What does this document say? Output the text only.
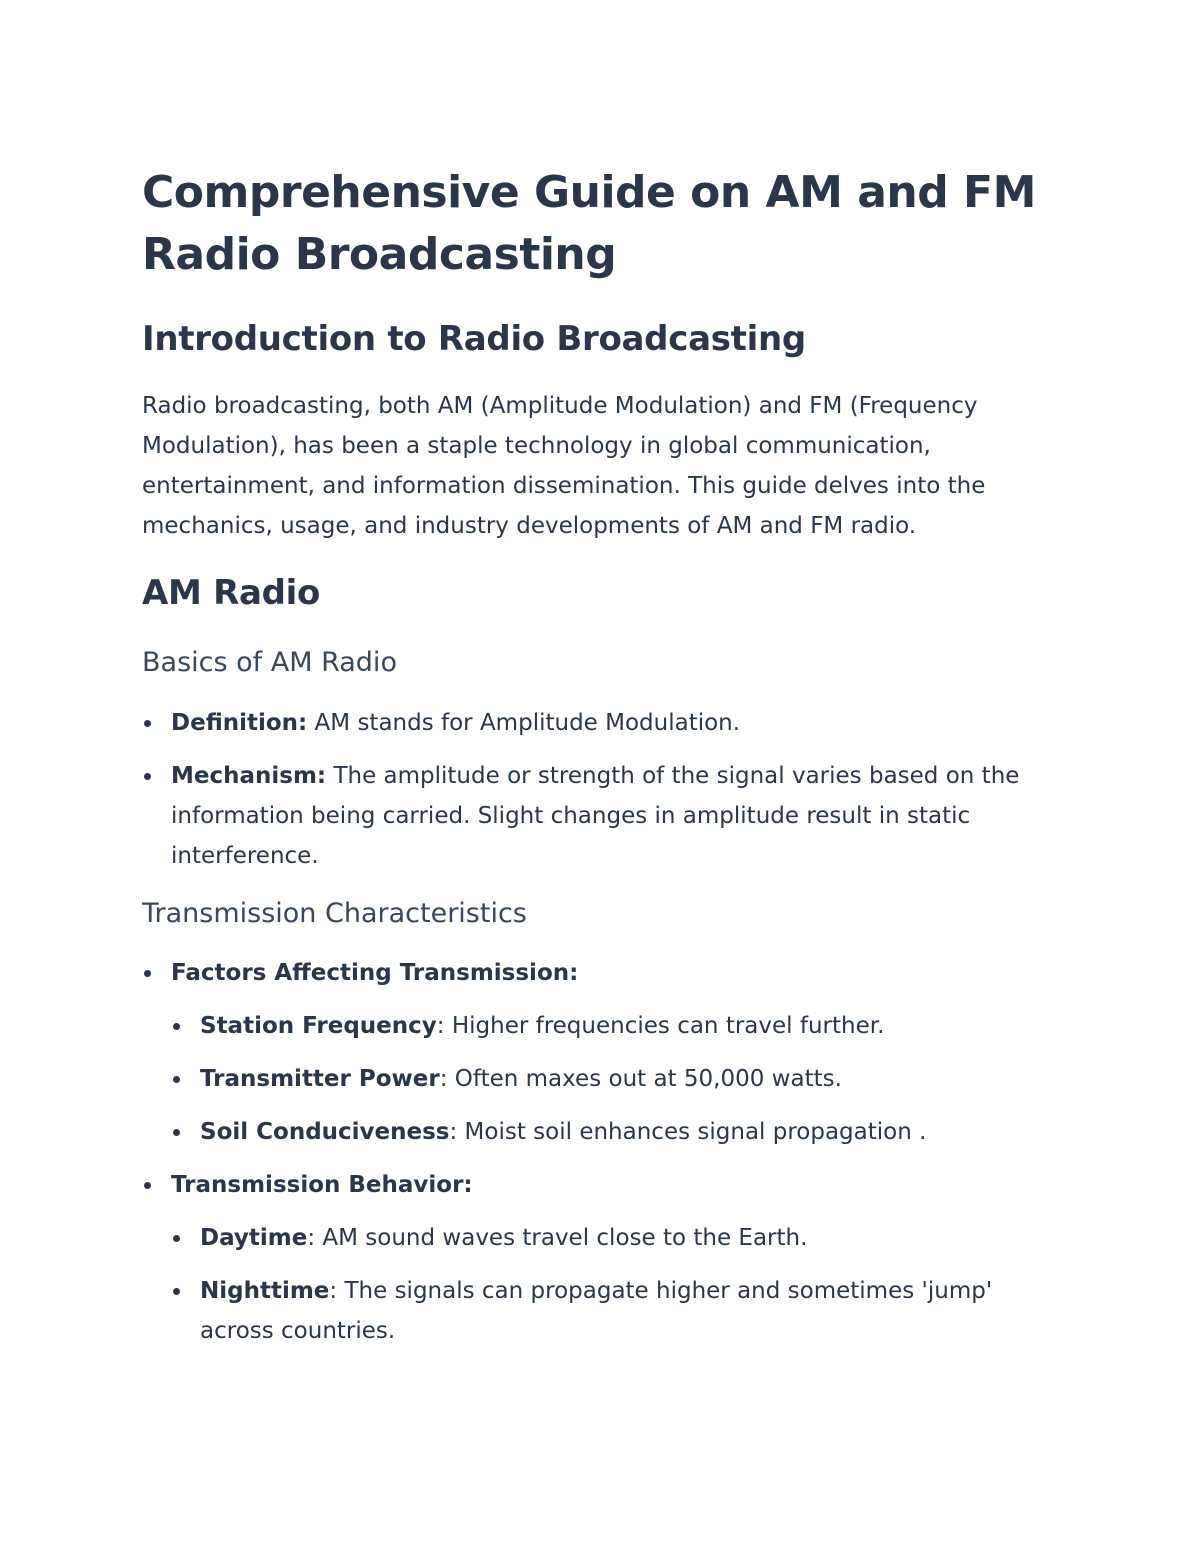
Comprehensive Guide on AM and FM Radio Broadcasting
Introduction to Radio Broadcasting

Radio broadcasting, both AM (Amplitude Modulation) and FM (Frequency Modulation), has been a staple technology in global communication, entertainment, and information dissemination. This guide delves into the mechanics, usage, and industry developments of AM and FM radio.

AM Radio
Basics of AM Radio
Definition: AM stands for Amplitude Modulation.
Mechanism: The amplitude or strength of the signal varies based on the information being carried. Slight changes in amplitude result in static interference.
Transmission Characteristics
Factors Affecting Transmission:
Station Frequency: Higher frequencies can travel further.
Transmitter Power: Often maxes out at 50,000 watts.
Soil Conduciveness: Moist soil enhances signal propagation .
Transmission Behavior:
Daytime: AM sound waves travel close to the Earth.
Nighttime: The signals can propagate higher and sometimes 'jump' across countries.
